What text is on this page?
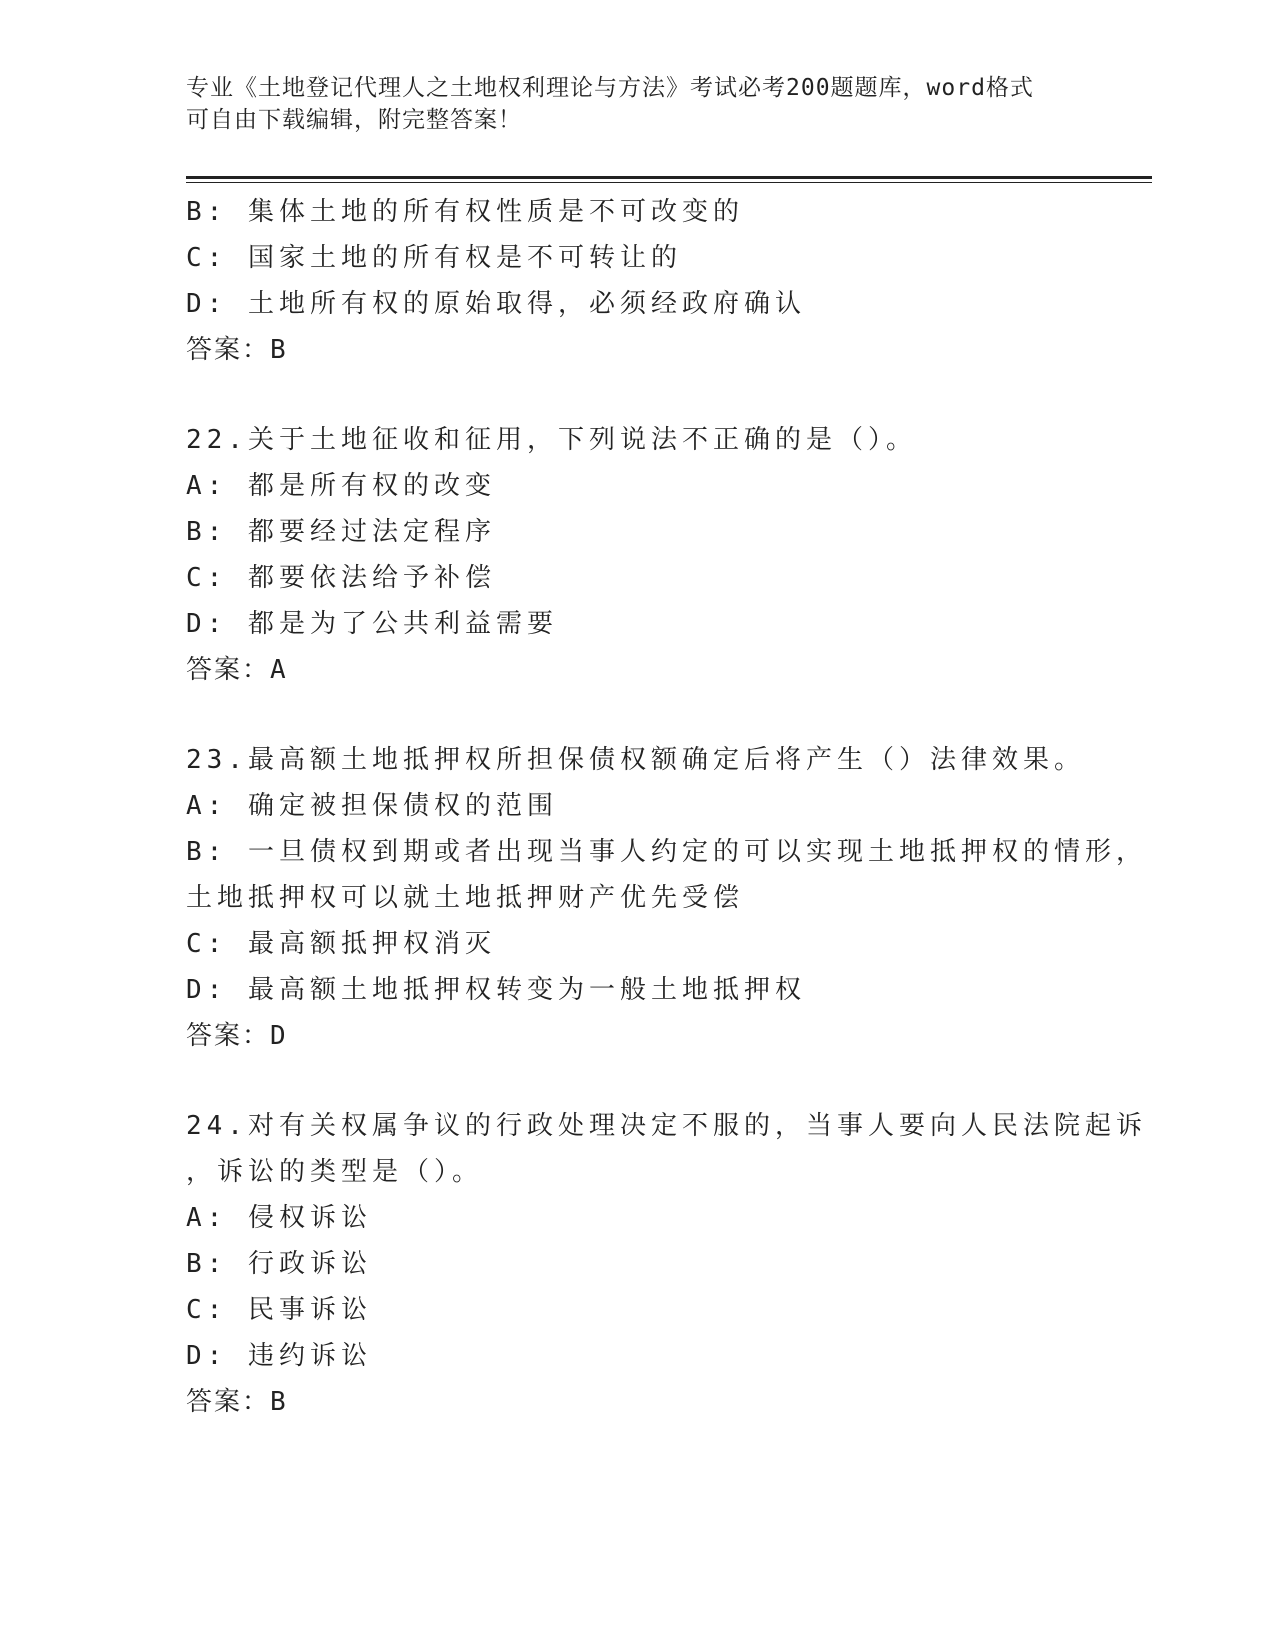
专业《土地登记代理人之土地权利理论与方法》考试必考200题题库，word格式
可自由下载编辑，附完整答案！
B: 集体土地的所有权性质是不可改变的
C: 国家土地的所有权是不可转让的
D: 土地所有权的原始取得，必须经政府确认
答案：B
22.关于土地征收和征用，下列说法不正确的是（）。
A: 都是所有权的改变
B: 都要经过法定程序
C: 都要依法给予补偿
D: 都是为了公共利益需要
答案：A
23.最高额土地抵押权所担保债权额确定后将产生（）法律效果。
A: 确定被担保债权的范围
B: 一旦债权到期或者出现当事人约定的可以实现土地抵押权的情形，
土地抵押权可以就土地抵押财产优先受偿
C: 最高额抵押权消灭
D: 最高额土地抵押权转变为一般土地抵押权
答案：D
24.对有关权属争议的行政处理决定不服的，当事人要向人民法院起诉
，诉讼的类型是（）。
A: 侵权诉讼
B: 行政诉讼
C: 民事诉讼
D: 违约诉讼
答案：B
